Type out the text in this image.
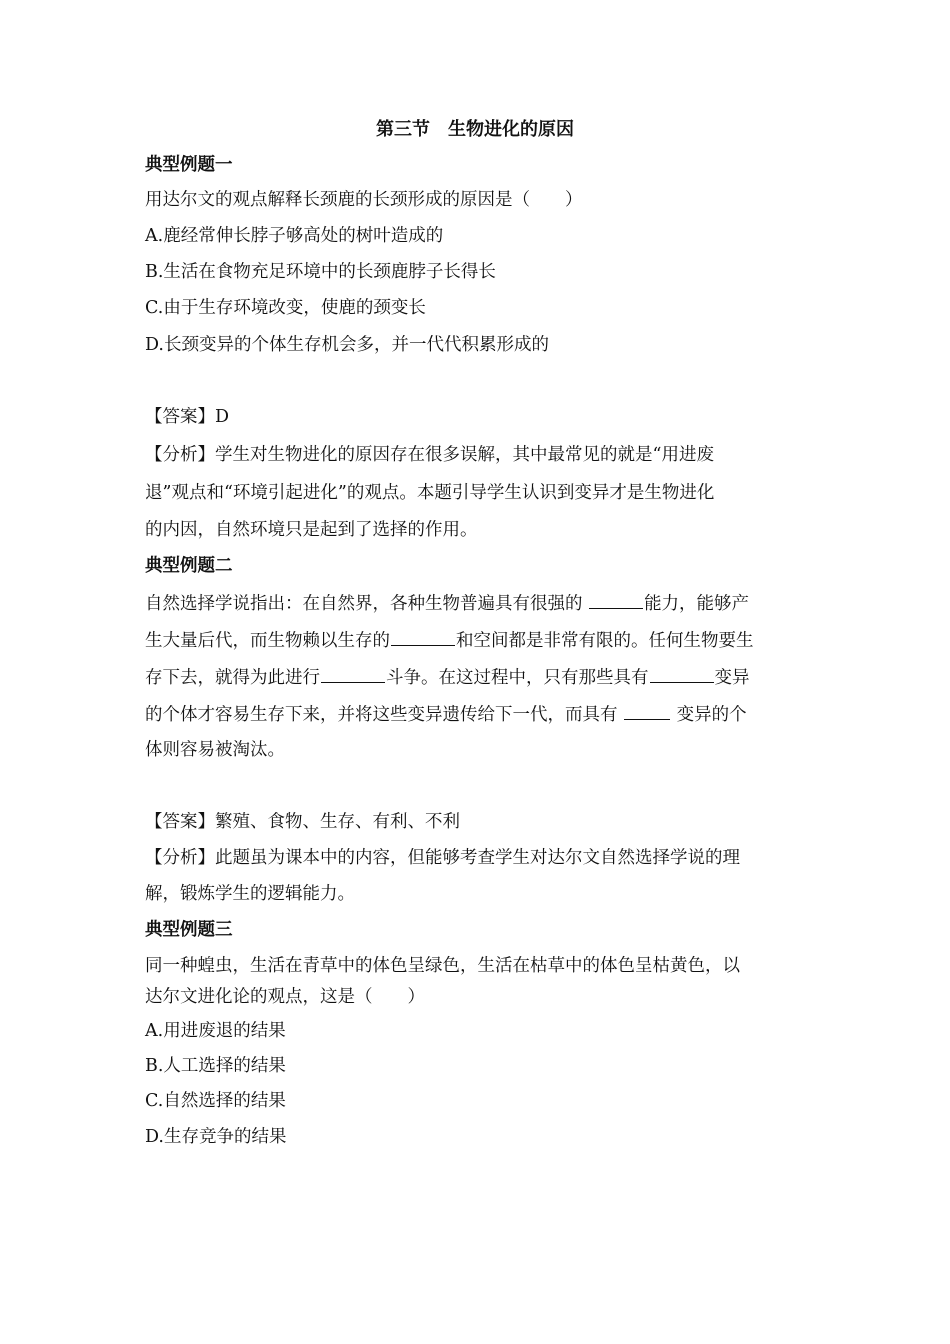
第三节　生物进化的原因
典型例题一
用达尔文的观点解释长颈鹿的长颈形成的原因是（　　）
A.鹿经常伸长脖子够高处的树叶造成的
B.生活在食物充足环境中的长颈鹿脖子长得长
C.由于生存环境改变，使鹿的颈变长
D.长颈变异的个体生存机会多，并一代代积累形成的
【答案】D
【分析】学生对生物进化的原因存在很多误解，其中最常见的就是“用进废
退”观点和“环境引起进化”的观点。本题引导学生认识到变异才是生物进化
的内因，自然环境只是起到了选择的作用。
典型例题二
自然选择学说指出：在自然界，各种生物普遍具有很强的	能力，能够产
生大量后代，而生物赖以生存的	和空间都是非常有限的。任何生物要生
存下去，就得为此进行	斗争。在这过程中，只有那些具有	变异
的个体才容易生存下来，并将这些变异遗传给下一代，而具有	变异的个
体则容易被淘汰。
【答案】繁殖、食物、生存、有利、不利
【分析】此题虽为课本中的内容，但能够考查学生对达尔文自然选择学说的理
解，锻炼学生的逻辑能力。
典型例题三
同一种蝗虫，生活在青草中的体色呈绿色，生活在枯草中的体色呈枯黄色，以
达尔文进化论的观点，这是（　　）
A.用进废退的结果
B.人工选择的结果
C.自然选择的结果
D.生存竞争的结果
